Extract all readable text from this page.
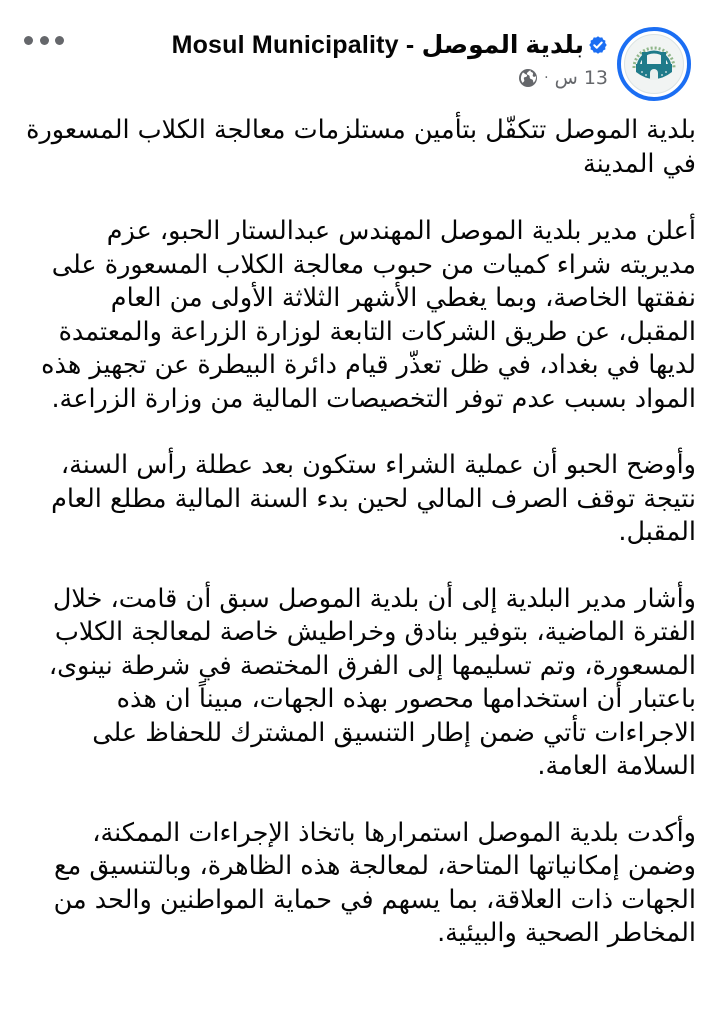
Mosul Municipality - بلدية الموصل
13 س
·

بلدية الموصل تتكفّل بتأمين مستلزمات معالجة الكلاب المسعورة في المدينة

أعلن مدير بلدية الموصل المهندس عبدالستار الحبو، عزم مديريته شراء كميات من حبوب معالجة الكلاب المسعورة على نفقتها الخاصة، وبما يغطي الأشهر الثلاثة الأولى من العام المقبل، عن طريق الشركات التابعة لوزارة الزراعة والمعتمدة لديها في بغداد، في ظل تعذّر قيام دائرة البيطرة عن تجهيز هذه المواد بسبب عدم توفر التخصيصات المالية من وزارة الزراعة.

وأوضح الحبو أن عملية الشراء ستكون بعد عطلة رأس السنة، نتيجة توقف الصرف المالي لحين بدء السنة المالية مطلع العام المقبل.

وأشار مدير البلدية إلى أن بلدية الموصل سبق أن قامت، خلال الفترة الماضية، بتوفير بنادق وخراطيش خاصة لمعالجة الكلاب المسعورة، وتم تسليمها إلى الفرق المختصة في شرطة نينوى، باعتبار أن استخدامها محصور بهذه الجهات، مبيناً ان هذه الاجراءات تأتي ضمن إطار التنسيق المشترك للحفاظ على السلامة العامة.

وأكدت بلدية الموصل استمرارها باتخاذ الإجراءات الممكنة، وضمن إمكانياتها المتاحة، لمعالجة هذه الظاهرة، وبالتنسيق مع الجهات ذات العلاقة، بما يسهم في حماية المواطنين والحد من المخاطر الصحية والبيئية.
